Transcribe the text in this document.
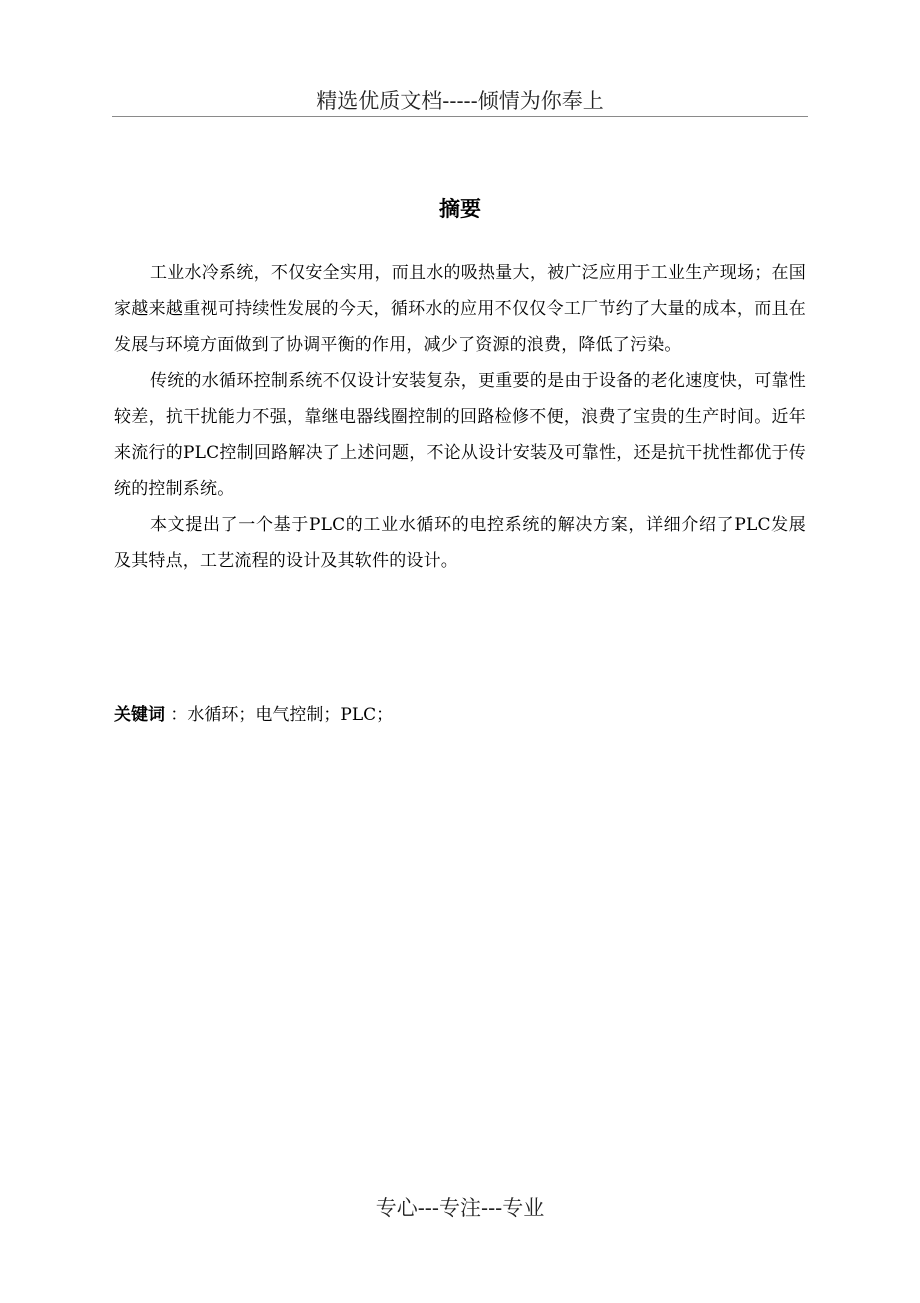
精选优质文档-----倾情为你奉上
摘要

工业水冷系统，不仅安全实用，而且水的吸热量大，被广泛应用于工业生产现场；在国家越来越重视可持续性发展的今天，循环水的应用不仅仅令工厂节约了大量的成本，而且在发展与环境方面做到了协调平衡的作用，减少了资源的浪费，降低了污染。

传统的水循环控制系统不仅设计安装复杂，更重要的是由于设备的老化速度快，可靠性较差，抗干扰能力不强，靠继电器线圈控制的回路检修不便，浪费了宝贵的生产时间。近年来流行的PLC控制回路解决了上述问题，不论从设计安装及可靠性，还是抗干扰性都优于传统的控制系统。

本文提出了一个基于PLC的工业水循环的电控系统的解决方案，详细介绍了PLC发展及其特点，工艺流程的设计及其软件的设计。

关键词 ：水循环；电气控制；PLC；
专心---专注---专业
